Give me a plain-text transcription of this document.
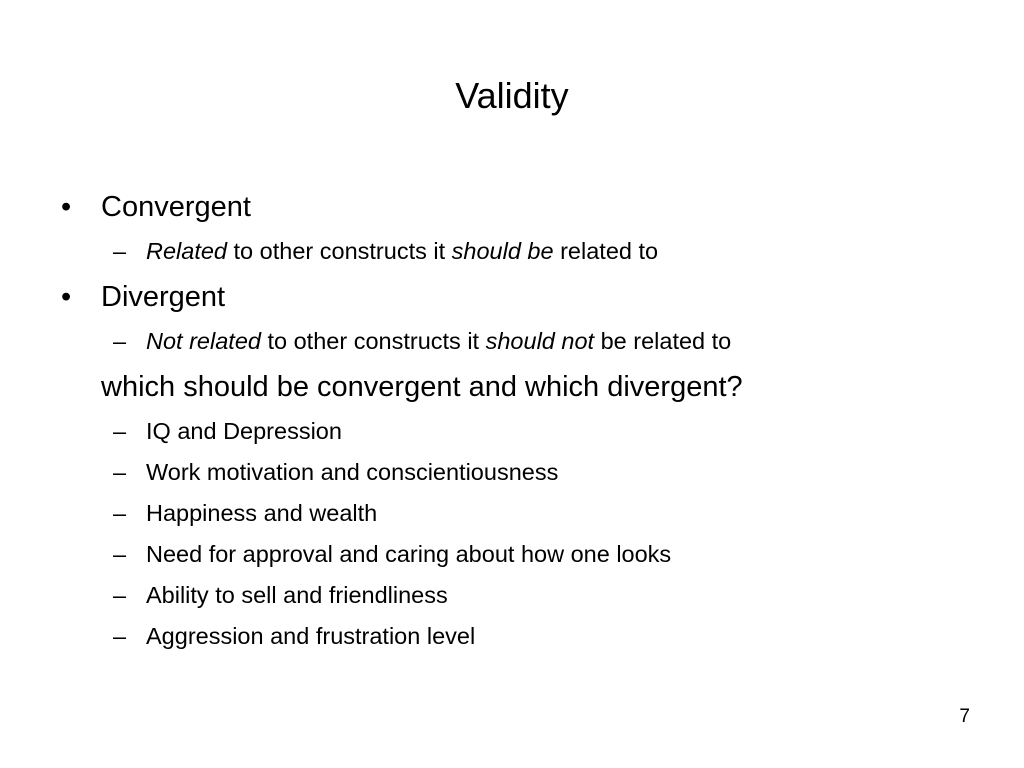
Validity
• Convergent
– Related to other constructs it should be related to
• Divergent
– Not related to other constructs it should not be related to
which should be convergent and which divergent?
– IQ and Depression
– Work motivation and conscientiousness
– Happiness and wealth
– Need for approval and caring about how one looks
– Ability to sell and friendliness
– Aggression and frustration level
7
